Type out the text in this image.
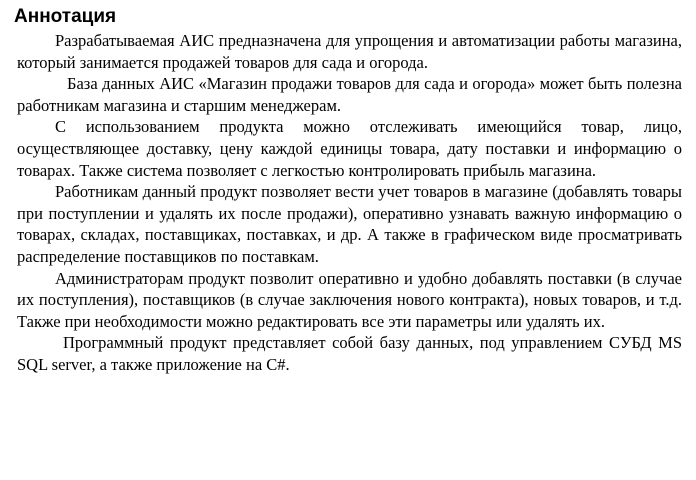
Аннотация

Разрабатываемая АИС предназначена для упрощения и автоматизации работы магазина, который занимается продажей товаров для сада и огорода.

База данных АИС «Магазин продажи товаров для сада и огорода» может быть полезна работникам магазина и старшим менеджерам.

С использованием продукта можно отслеживать имеющийся товар, лицо, осуществляющее доставку, цену каждой единицы товара, дату поставки и информацию о товарах. Также система позволяет с легкостью контролировать прибыль магазина.

Работникам данный продукт позволяет вести учет товаров в магазине (добавлять товары при поступлении и удалять их после продажи), оперативно узнавать важную информацию о товарах, складах, поставщиках, поставках, и др. А также в графическом виде просматривать распределение поставщиков по поставкам.

Администраторам продукт позволит оперативно и удобно добавлять поставки (в случае их поступления), поставщиков (в случае заключения нового контракта), новых товаров, и т.д. Также при необходимости можно редактировать все эти параметры или удалять их.

Программный продукт представляет собой базу данных, под управлением СУБД MS SQL server, а также приложение на C#.
